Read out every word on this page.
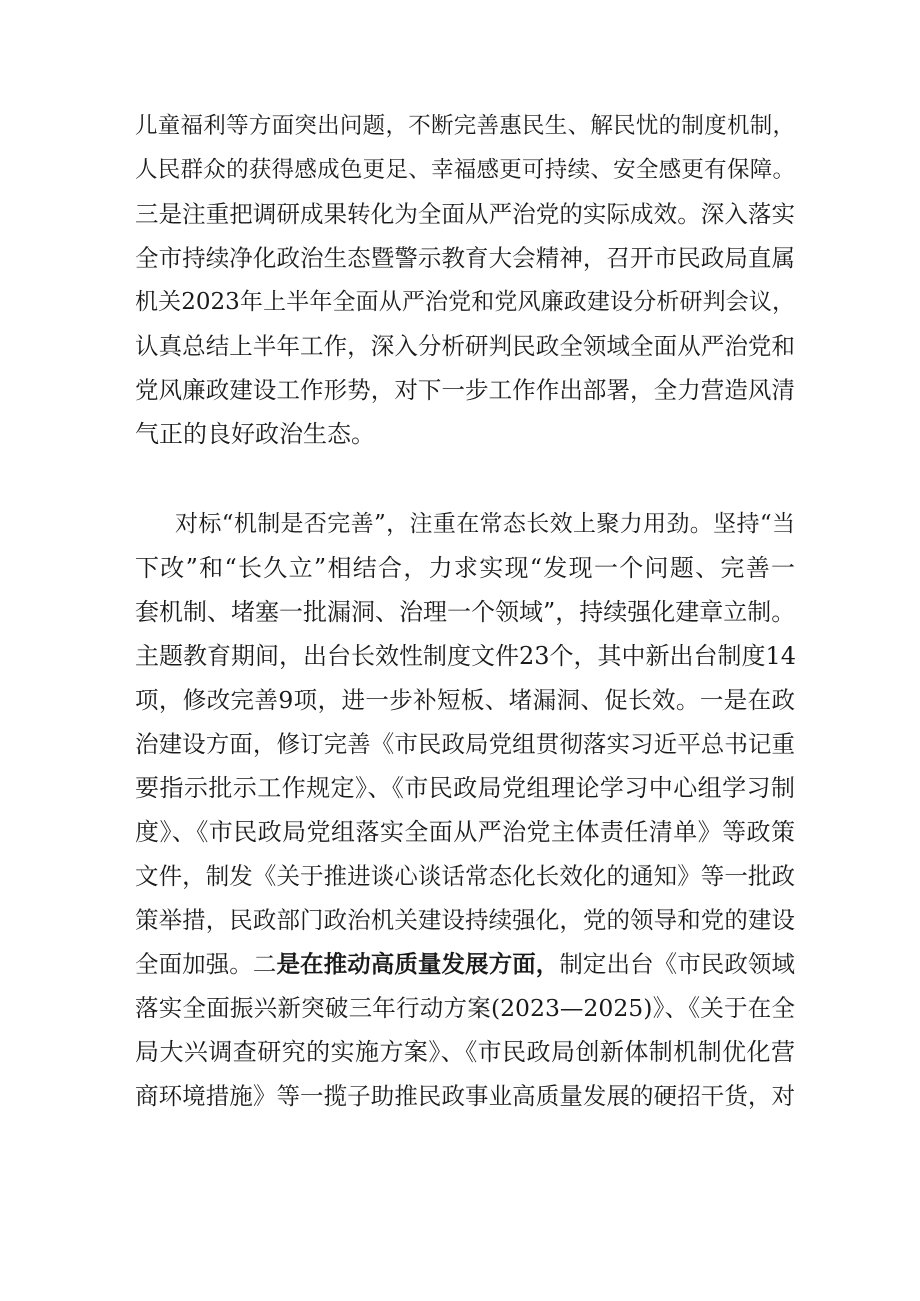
儿童福利等方面突出问题，不断完善惠民生、解民忧的制度机制，
人民群众的获得感成色更足、幸福感更可持续、安全感更有保障。
三是注重把调研成果转化为全面从严治党的实际成效。深入落实
全市持续净化政治生态暨警示教育大会精神，召开市民政局直属
机关2023年上半年全面从严治党和党风廉政建设分析研判会议，
认真总结上半年工作，深入分析研判民政全领域全面从严治党和
党风廉政建设工作形势，对下一步工作作出部署，全力营造风清
气正的良好政治生态。
对标“机制是否完善”，注重在常态长效上聚力用劲。坚持“当
下改”和“长久立”相结合，力求实现“发现一个问题、完善一
套机制、堵塞一批漏洞、治理一个领域”，持续强化建章立制。
主题教育期间，出台长效性制度文件23个，其中新出台制度14
项，修改完善9项，进一步补短板、堵漏洞、促长效。一是在政
治建设方面，修订完善《市民政局党组贯彻落实习近平总书记重
要指示批示工作规定》、《市民政局党组理论学习中心组学习制
度》、《市民政局党组落实全面从严治党主体责任清单》等政策
文件，制发《关于推进谈心谈话常态化长效化的通知》等一批政
策举措，民政部门政治机关建设持续强化，党的领导和党的建设
全面加强。二是在推动高质量发展方面，制定出台《市民政领域
落实全面振兴新突破三年行动方案(2023—2025)》、《关于在全
局大兴调查研究的实施方案》、《市民政局创新体制机制优化营
商环境措施》等一揽子助推民政事业高质量发展的硬招干货，对
